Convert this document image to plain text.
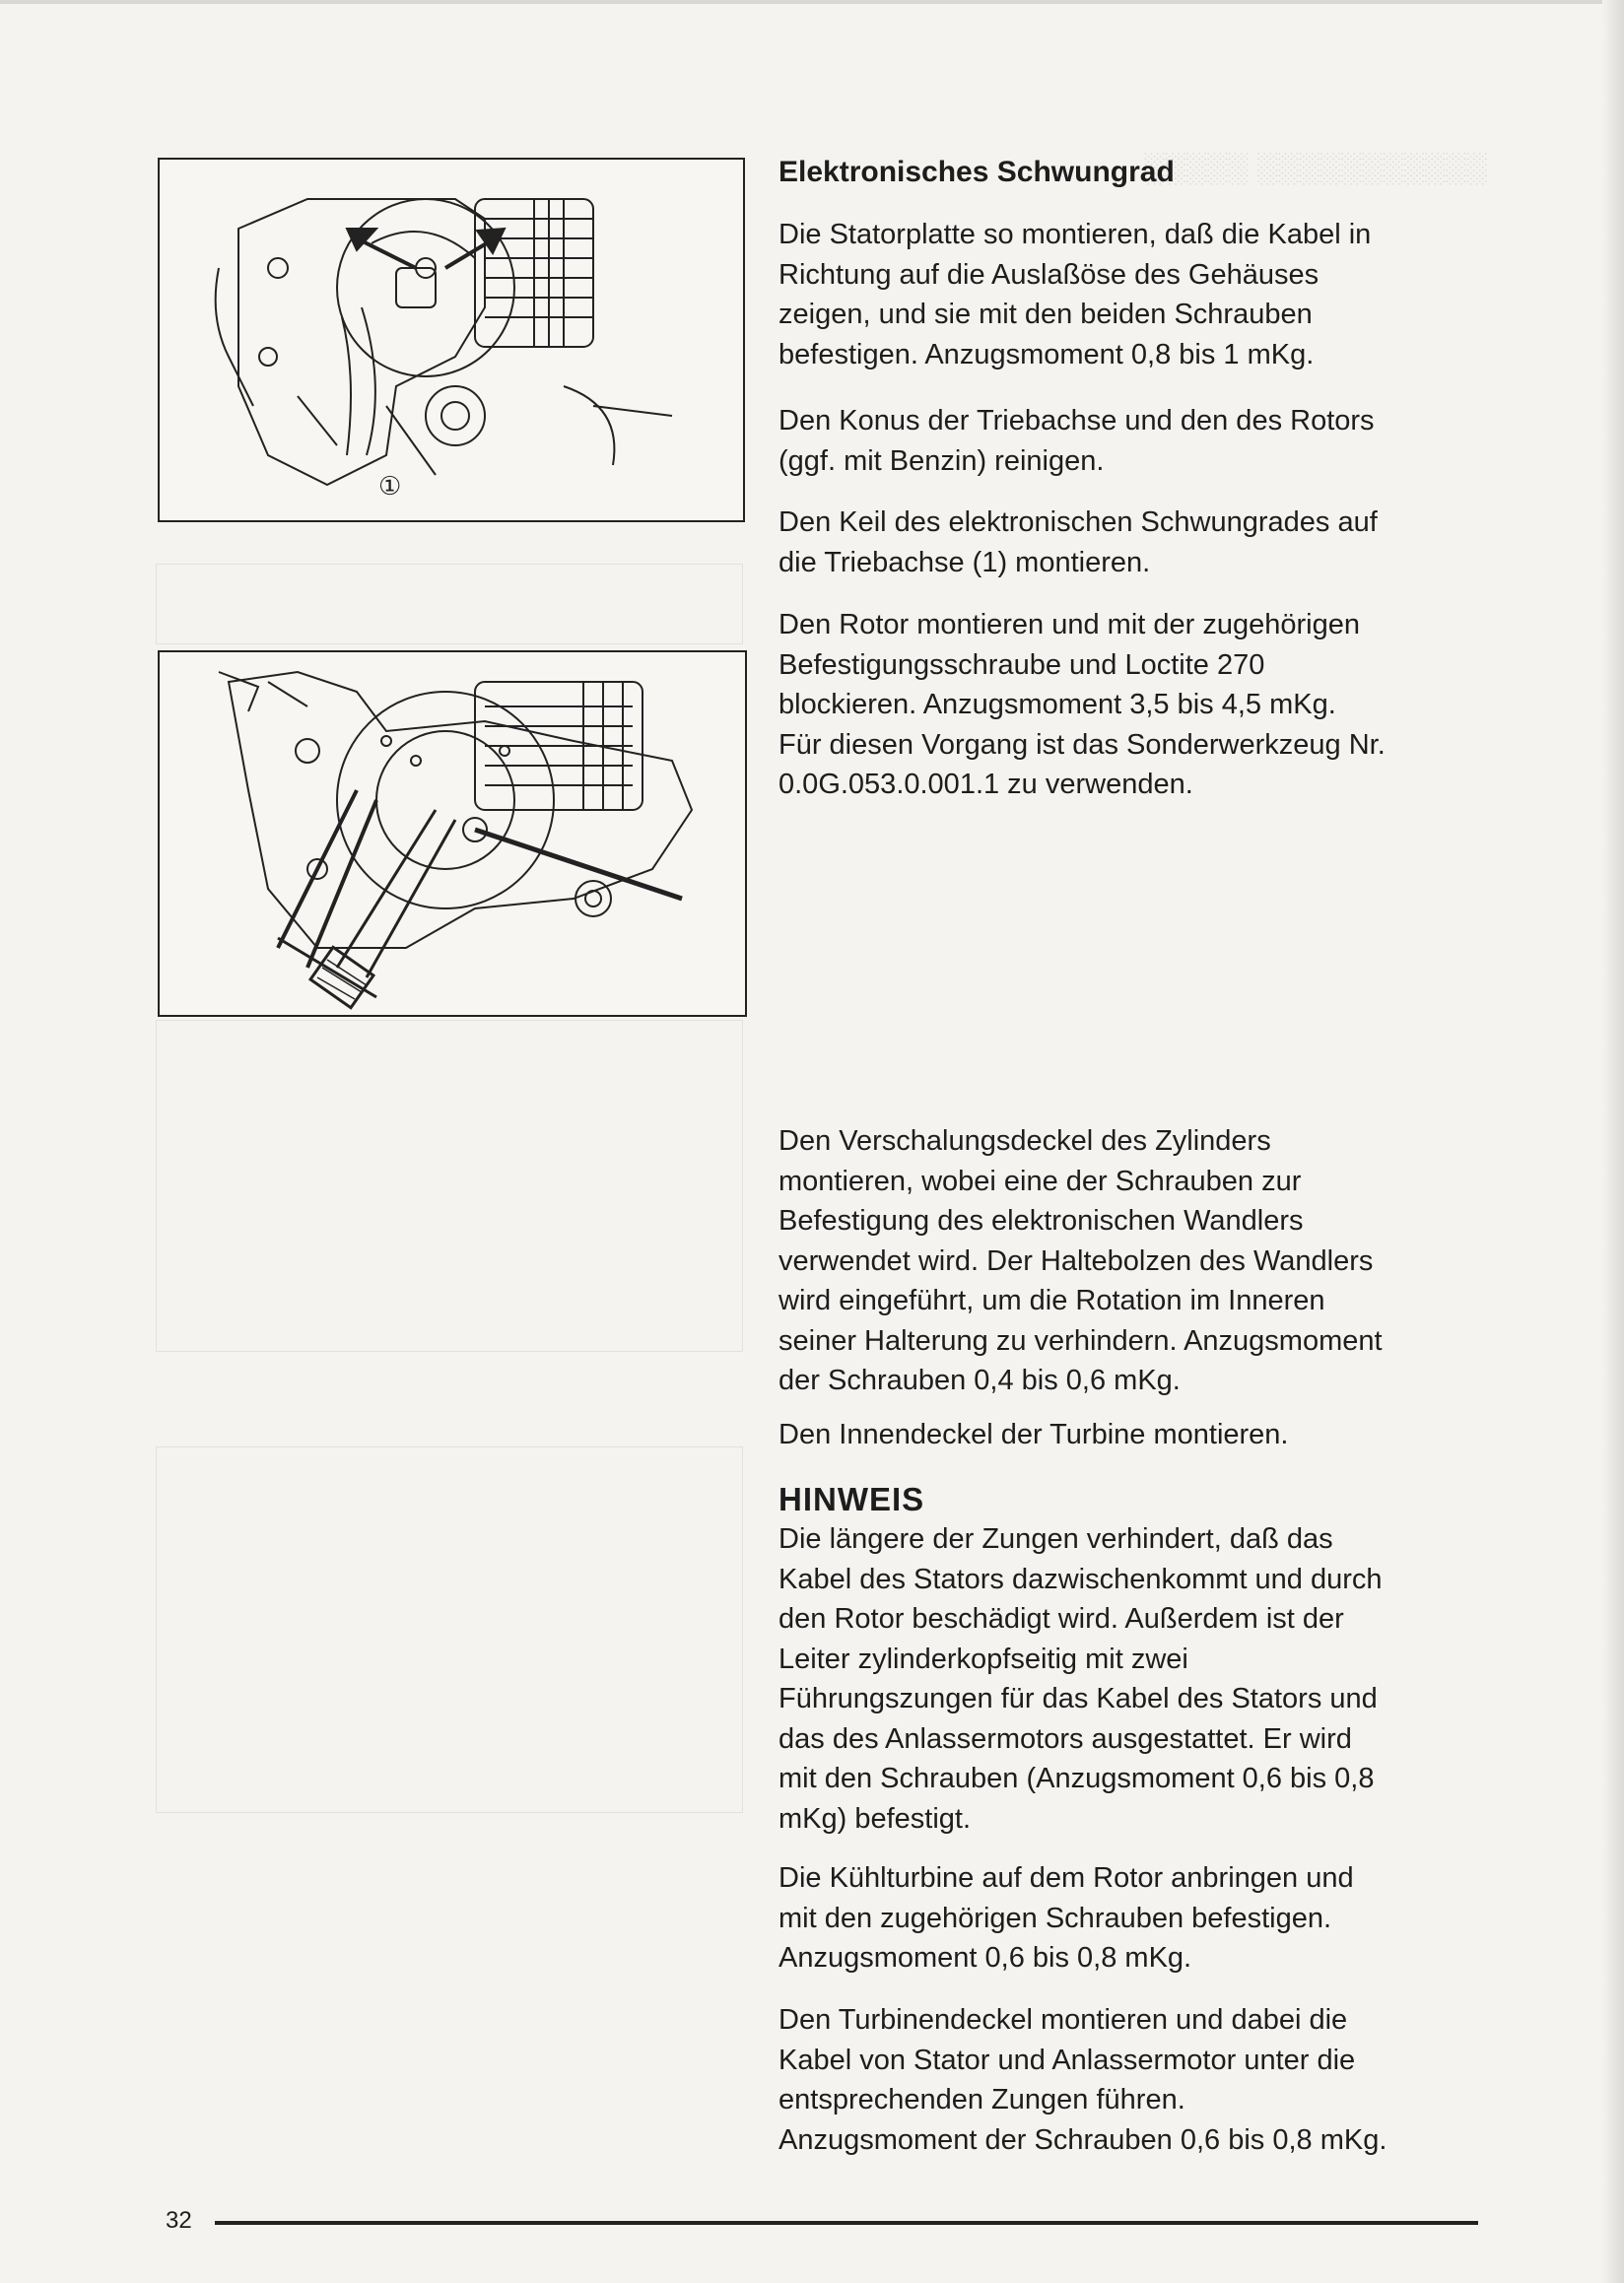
①
░░░░░░░░░░░ ░░░░░
Elektronisches Schwungrad

Die Statorplatte so montieren, daß die Kabel in
Richtung auf die Auslaßöse des Gehäuses
zeigen, und sie mit den beiden Schrauben
befestigen. Anzugsmoment 0,8 bis 1 mKg.

Den Konus der Triebachse und den des Rotors
(ggf. mit Benzin) reinigen.

Den Keil des elektronischen Schwungrades auf
die Triebachse (1) montieren.

Den Rotor montieren und mit der zugehörigen
Befestigungsschraube und Loctite 270
blockieren. Anzugsmoment 3,5 bis 4,5 mKg.
Für diesen Vorgang ist das Sonderwerkzeug Nr.
0.0G.053.0.001.1 zu verwenden.

Den Verschalungsdeckel des Zylinders
montieren, wobei eine der Schrauben zur
Befestigung des elektronischen Wandlers
verwendet wird. Der Haltebolzen des Wandlers
wird eingeführt, um die Rotation im Inneren
seiner Halterung zu verhindern. Anzugsmoment
der Schrauben 0,4 bis 0,6 mKg.

Den Innendeckel der Turbine montieren.

HINWEIS

Die längere der Zungen verhindert, daß das
Kabel des Stators dazwischenkommt und durch
den Rotor beschädigt wird. Außerdem ist der
Leiter zylinderkopfseitig mit zwei
Führungszungen für das Kabel des Stators und
das des Anlassermotors ausgestattet. Er wird
mit den Schrauben (Anzugsmoment 0,6 bis 0,8
mKg) befestigt.

Die Kühlturbine auf dem Rotor anbringen und
mit den zugehörigen Schrauben befestigen.
Anzugsmoment 0,6 bis 0,8 mKg.

Den Turbinendeckel montieren und dabei die
Kabel von Stator und Anlassermotor unter die
entsprechenden Zungen führen.
Anzugsmoment der Schrauben 0,6 bis 0,8 mKg.

32
